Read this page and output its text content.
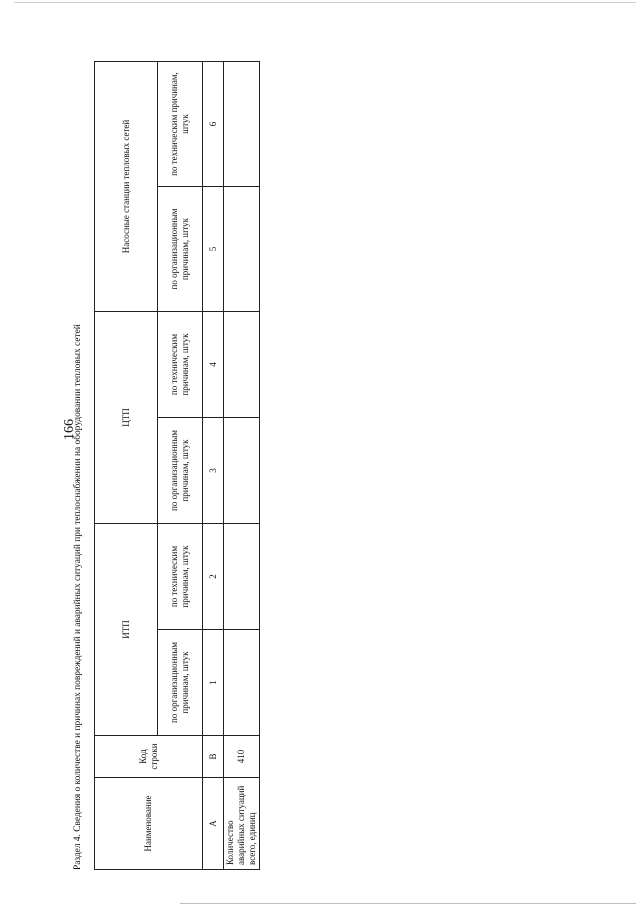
166
Раздел 4. Сведения о количестве и причинах повреждений и аварийных ситуаций при теплоснабжении на оборудовании тепловых сетей	Наименование	Код строки	ИТП		ЦТП		Насосные станции тепловых сетей	
		по организационным причинам, штук	по техническим причинам, штук	по организационным причинам, штук	по техническим причинам, штук	по организационным причинам, штук	по техническим причинам, штук
А	В	1	2	3	4	5	6
Количество аварийных ситуаций всего, единиц	410						
